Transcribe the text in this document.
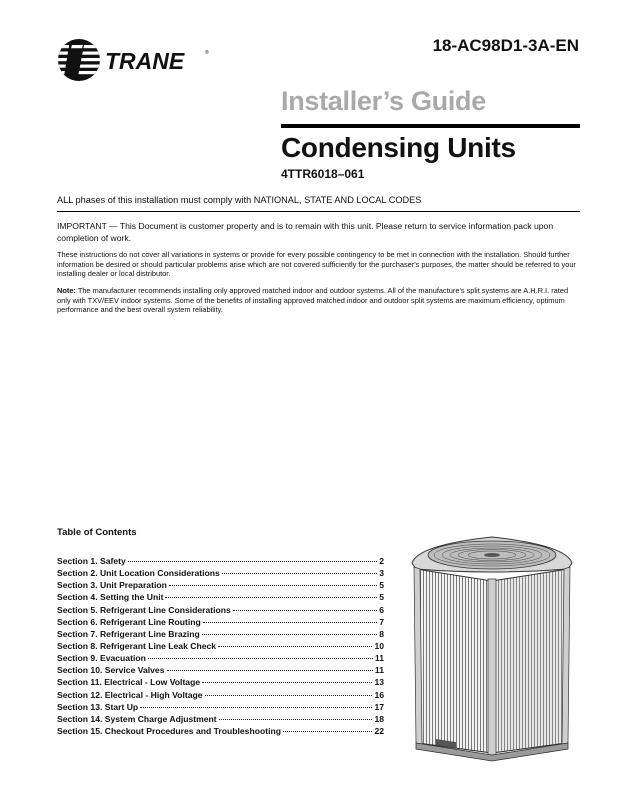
TRANE	®	18-AC98D1-3A-EN
Installer’s Guide
Condensing Units
4TTR6018–061
ALL phases of this installation must comply with NATIONAL, STATE AND LOCAL CODES
IMPORTANT — This Document is customer property and is to remain with this unit. Please return to service information pack upon completion of work.
These instructions do not cover all variations in systems or provide for every possible contingency to be met in connection with the installation. Should further information be desired or should particular problems arise which are not covered sufficiently for the purchaser's purposes, the matter should be referred to your installing dealer or local distributor.
Note: The manufacturer recommends installing only approved matched indoor and outdoor systems. All of the manufacture's split systems are A.H.R.I. rated only with TXV/EEV indoor systems. Some of the benefits of installing approved matched indoor and outdoor split systems are maximum efficiency, optimum performance and the best overall system reliability.
Table of Contents
Section 1. Safety	2
Section 2. Unit Location Considerations	3
Section 3. Unit Preparation	5
Section 4. Setting the Unit	5
Section 5. Refrigerant Line Considerations	6
Section 6. Refrigerant Line Routing	7
Section 7. Refrigerant Line Brazing	8
Section 8. Refrigerant Line Leak Check	10
Section 9. Evacuation	11
Section 10. Service Valves	11
Section 11. Electrical - Low Voltage	13
Section 12. Electrical - High Voltage	16
Section 13. Start Up	17
Section 14. System Charge Adjustment	18
Section 15. Checkout Procedures and Troubleshooting	22
